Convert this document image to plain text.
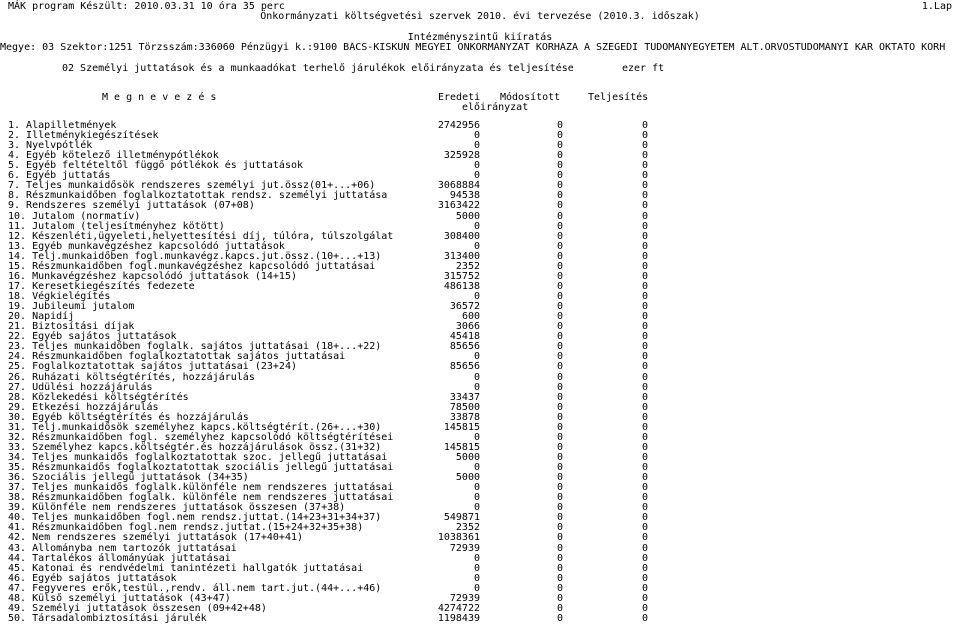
MÁK program Készült: 2010.03.31 10 óra 35 perc	1.Lap
Önkormányzati költségvetési szervek 2010. évi tervezése (2010.3. időszak)
Intézményszintű kiíratás
Megye: 03 Szektor:1251 Törzsszám:336060 Pénzügyi k.:9100 BÁCS-KISKUN MEGYEI ÖNKORMÁNYZAT KORHÁZA A SZEGEDI TUDOMÁNYEGYETEM ÁLT.ORVOSTUDOMÁNYI KAR OKTATO KORH
02 Személyi juttatások és a munkaadókat terhelő járulékok előirányzata és teljesítése	ezer ft
M e g n e v e z é s	Eredeti Módosított	Teljesítés
előirányzat
1. Alapilletmények	2742956	0	0
2. Illetménykiegészítések	0	0	0
3. Nyelvpótlék	0	0	0
4. Egyéb kötelező illetménypótlékok	325928	0	0
5. Egyéb feltételtől függő pótlékok és juttatások	0	0	0
6. Egyéb juttatás	0	0	0
7. Teljes munkaidősök rendszeres személyi jut.össz(01+...+06)	3068884	0	0
8. Részmunkaidőben foglalkoztatottak rendsz. személyi juttatása	94538	0	0
9. Rendszeres személyi juttatások (07+08)	3163422	0	0
10. Jutalom (normatív)	5000	0	0
11. Jutalom (teljesítményhez kötött)	0	0	0
12. Készenléti,ügyeleti,helyettesítési díj, túlóra, túlszolgálat	308400	0	0
13. Egyéb munkavégzéshez kapcsolódó juttatások	0	0	0
14. Telj.munkaidőben fogl.munkavégz.kapcs.jut.össz.(10+...+13)	313400	0	0
15. Részmunkaidőben fogl.munkavégzéshez kapcsolódó juttatásai	2352	0	0
16. Munkavégzéshez kapcsolódó juttatások (14+15)	315752	0	0
17. Keresetkiegészítés fedezete	486138	0	0
18. Végkielégítés	0	0	0
19. Jubileumi jutalom	36572	0	0
20. Napidíj	600	0	0
21. Biztosítási díjak	3066	0	0
22. Egyéb sajátos juttatások	45418	0	0
23. Teljes munkaidőben foglalk. sajátos juttatásai (18+...+22)	85656	0	0
24. Részmunkaidőben foglalkoztatottak sajátos juttatásai	0	0	0
25. Foglalkoztatottak sajátos juttatásai (23+24)	85656	0	0
26. Ruházati költségtérítés, hozzájárulás	0	0	0
27. Üdülési hozzájárulás	0	0	0
28. Közlekedési költségtérítés	33437	0	0
29. Étkezési hozzájárulás	78500	0	0
30. Egyéb költségtérítés és hozzájárulás	33878	0	0
31. Telj.munkaidősök személyhez kapcs.költségtérít.(26+...+30)	145815	0	0
32. Részmunkaidőben fogl. személyhez kapcsolódó költségtérítései	0	0	0
33. Személyhez kapcs.költségtér.és hozzájárulások össz.(31+32)	145815	0	0
34. Teljes munkaidős foglalkoztatottak szoc. jellegű juttatásai	5000	0	0
35. Részmunkaidős foglalkoztatottak szociális jellegű juttatásai	0	0	0
36. Szociális jellegű juttatások (34+35)	5000	0	0
37. Teljes munkaidős foglalk.különféle nem rendszeres juttatásai	0	0	0
38. Részmunkaidőben foglalk. különféle nem rendszeres juttatásai	0	0	0
39. Különféle nem rendszeres juttatások összesen (37+38)	0	0	0
40. Teljes munkaidőben fogl.nem rendsz.juttat.(14+23+31+34+37)	549871	0	0
41. Részmunkaidőben fogl.nem rendsz.juttat.(15+24+32+35+38)	2352	0	0
42. Nem rendszeres személyi juttatások (17+40+41)	1038361	0	0
43. Állományba nem tartozók juttatásai	72939	0	0
44. Tartalékos állományúak juttatásai	0	0	0
45. Katonai és rendvédelmi tanintézeti hallgatók juttatásai	0	0	0
46. Egyéb sajátos juttatások	0	0	0
47. Fegyveres erők,testül.,rendv. áll.nem tart.jut.(44+...+46)	0	0	0
48. Külső személyi juttatások (43+47)	72939	0	0
49. Személyi juttatások összesen (09+42+48)	4274722	0	0
50. Társadalombiztosítási járulék	1198439	0	0
